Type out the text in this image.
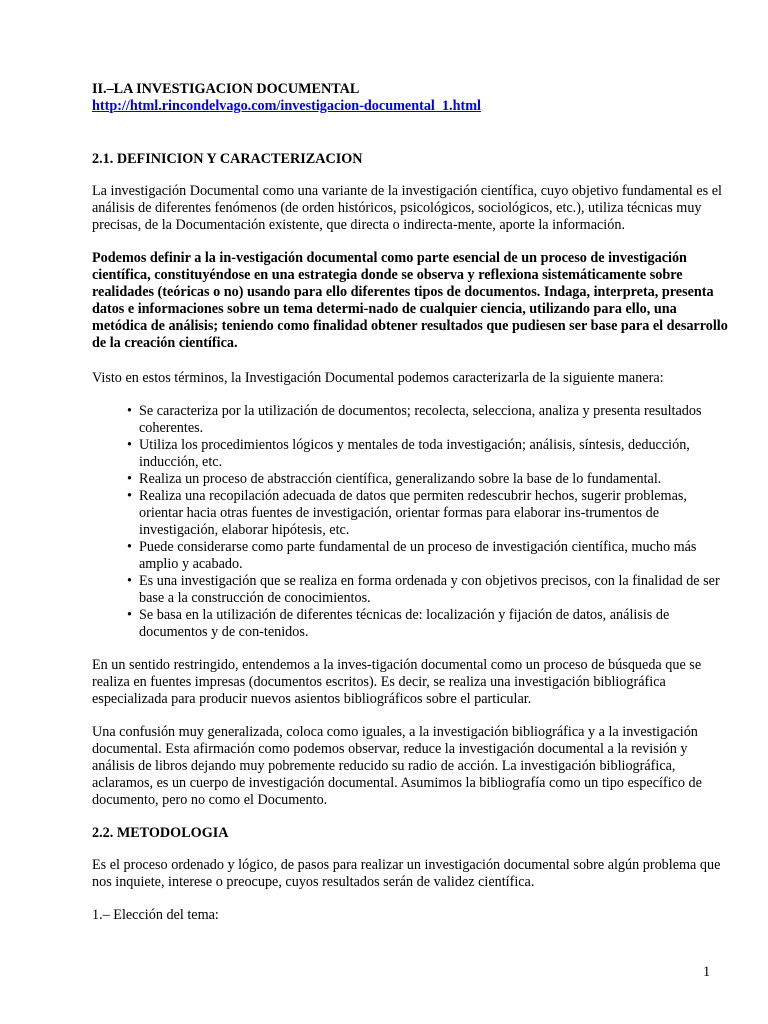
II.–LA INVESTIGACION DOCUMENTAL
http://html.rincondelvago.com/investigacion-documental_1.html
2.1. DEFINICION Y CARACTERIZACION

La investigación Documental como una variante de la investigación científica, cuyo objetivo fundamental es el análisis de diferentes fenómenos (de orden históricos, psicológicos, sociológicos, etc.), utiliza técnicas muy precisas, de la Documentación existente, que directa o indirecta-mente, aporte la información.

Podemos definir a la in-vestigación documental como parte esencial de un proceso de investigación científica, constituyéndose en una estrategia donde se observa y reflexiona sistemáticamente sobre realidades (teóricas o no) usando para ello diferentes tipos de documentos. Indaga, interpreta, presenta datos e informaciones sobre un tema determi-nado de cualquier ciencia, utilizando para ello, una metódica de análisis; teniendo como finalidad obtener resultados que pudiesen ser base para el desarrollo de la creación científica.

Visto en estos términos, la Investigación Documental podemos caracterizarla de la siguiente manera:

• Se caracteriza por la utilización de documentos; recolecta, selecciona, analiza y presenta resultados coherentes.
• Utiliza los procedimientos lógicos y mentales de toda investigación; análisis, síntesis, deducción, inducción, etc.
• Realiza un proceso de abstracción científica, generalizando sobre la base de lo fundamental.
• Realiza una recopilación adecuada de datos que permiten redescubrir hechos, sugerir problemas, orientar hacia otras fuentes de investigación, orientar formas para elaborar ins-trumentos de investigación, elaborar hipótesis, etc.
• Puede considerarse como parte fundamental de un proceso de investigación científica, mucho más amplio y acabado.
• Es una investigación que se realiza en forma ordenada y con objetivos precisos, con la finalidad de ser base a la construcción de conocimientos.
• Se basa en la utilización de diferentes técnicas de: localización y fijación de datos, análisis de documentos y de con-tenidos.

En un sentido restringido, entendemos a la inves-tigación documental como un proceso de búsqueda que se realiza en fuentes impresas (documentos escritos). Es decir, se realiza una investigación bibliográfica especializada para producir nuevos asientos bibliográficos sobre el particular.

Una confusión muy generalizada, coloca como iguales, a la investigación bibliográfica y a la investigación documental. Esta afirmación como podemos observar, reduce la investigación documental a la revisión y análisis de libros dejando muy pobremente reducido su radio de acción. La investigación bibliográfica, aclaramos, es un cuerpo de investigación documental. Asumimos la bibliografía como un tipo específico de documento, pero no como el Documento.

2.2. METODOLOGIA

Es el proceso ordenado y lógico, de pasos para realizar un investigación documental sobre algún problema que nos inquiete, interese o preocupe, cuyos resultados serán de validez científica.

1.– Elección del tema:

1
